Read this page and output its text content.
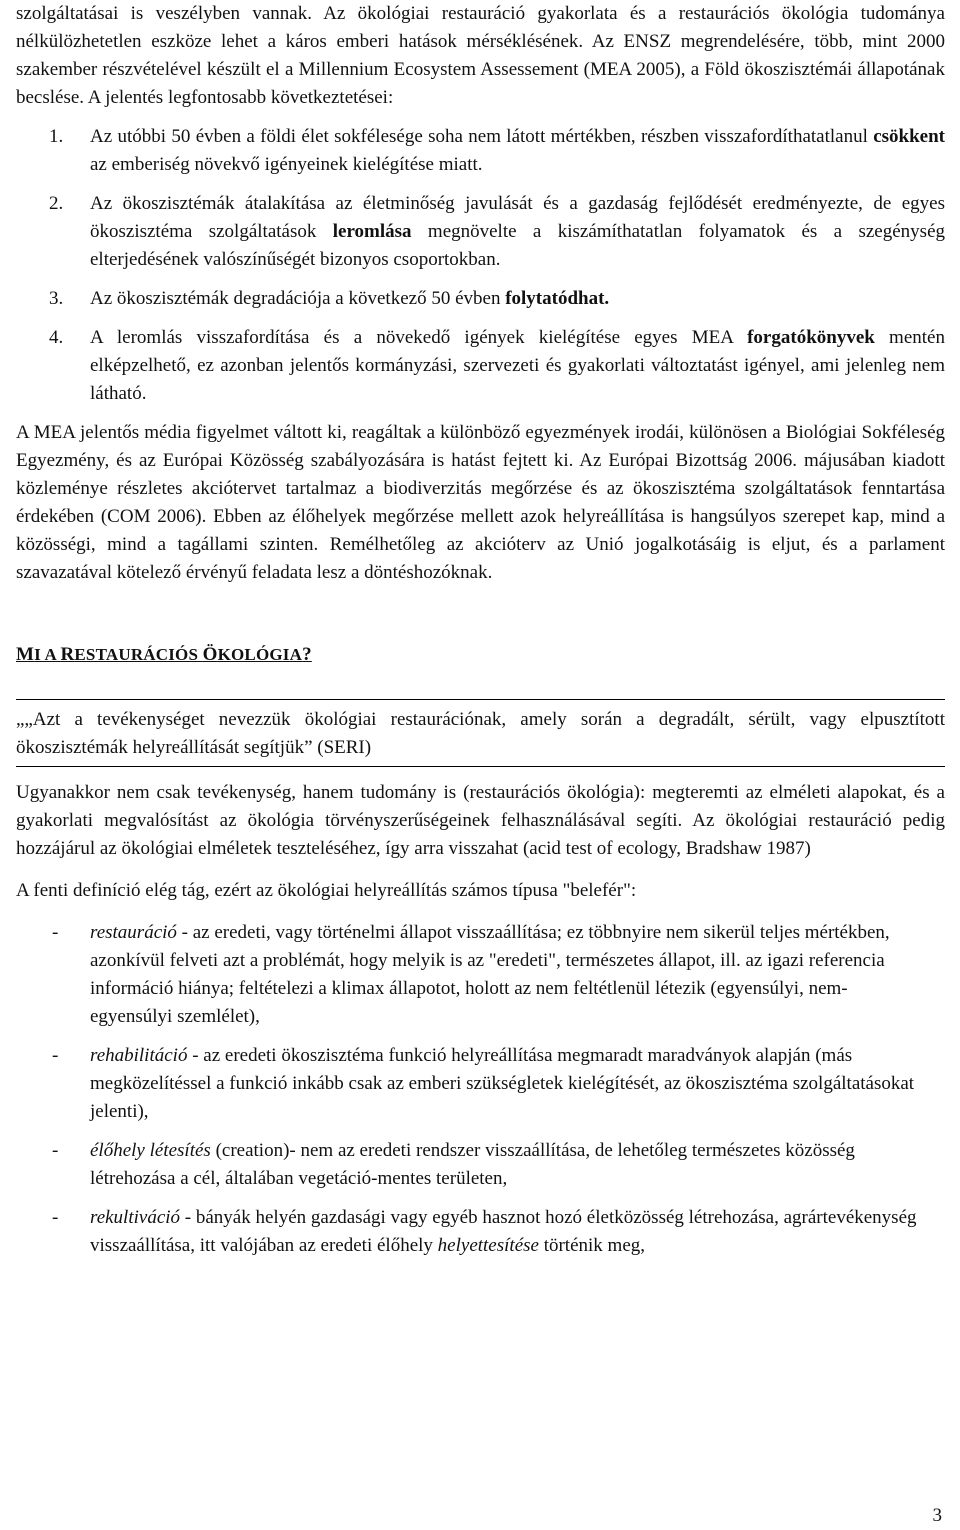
szolgáltatásai is veszélyben vannak. Az ökológiai restauráció gyakorlata és a restaurációs ökológia tudománya nélkülözhetetlen eszköze lehet a káros emberi hatások mérséklésének. Az ENSZ megrendelésére, több, mint 2000 szakember részvételével készült el a Millennium Ecosystem Assessement (MEA 2005), a Föld ökoszisztémái állapotának becslése. A jelentés legfontosabb következtetései:

1.	Az utóbbi 50 évben a földi élet sokfélesége soha nem látott mértékben, részben visszafordíthatatlanul csökkent az emberiség növekvő igényeinek kielégítése miatt.
2.	Az ökoszisztémák átalakítása az életminőség javulását és a gazdaság fejlődését eredményezte, de egyes ökoszisztéma szolgáltatások leromlása megnövelte a kiszámíthatatlan folyamatok és a szegénység elterjedésének valószínűségét bizonyos csoportokban.
3.	Az ökoszisztémák degradációja a következő 50 évben folytatódhat.
4.	A leromlás visszafordítása és a növekedő igények kielégítése egyes MEA forgatókönyvek mentén elképzelhető, ez azonban jelentős kormányzási, szervezeti és gyakorlati változtatást igényel, ami jelenleg nem látható.

A MEA jelentős média figyelmet váltott ki, reagáltak a különböző egyezmények irodái, különösen a Biológiai Sokféleség Egyezmény, és az Európai Közösség szabályozására is hatást fejtett ki. Az Európai Bizottság 2006. májusában kiadott közleménye részletes akciótervet tartalmaz a biodiverzitás megőrzése és az ökoszisztéma szolgáltatások fenntartása érdekében (COM 2006). Ebben az élőhelyek megőrzése mellett azok helyreállítása is hangsúlyos szerepet kap, mind a közösségi, mind a tagállami szinten. Remélhetőleg az akcióterv az Unió jogalkotásáig is eljut, és a parlament szavazatával kötelező érvényű feladata lesz a döntéshozóknak.

MI A RESTAURÁCIÓS ÖKOLÓGIA?
„„Azt a tevékenységet nevezzük ökológiai restaurációnak, amely során a degradált, sérült, vagy elpusztított ökoszisztémák helyreállítását segítjük” (SERI)

Ugyanakkor nem csak tevékenység, hanem tudomány is (restaurációs ökológia): megteremti az elméleti alapokat, és a gyakorlati megvalósítást az ökológia törvényszerűségeinek felhasználásával segíti. Az ökológiai restauráció pedig hozzájárul az ökológiai elméletek teszteléséhez, így arra visszahat (acid test of ecology, Bradshaw 1987)

A fenti definíció elég tág, ezért az ökológiai helyreállítás számos típusa "belefér":

-	restauráció - az eredeti, vagy történelmi állapot visszaállítása; ez többnyire nem sikerül teljes mértékben, azonkívül felveti azt a problémát, hogy melyik is az "eredeti", természetes állapot, ill. az igazi referencia információ hiánya; feltételezi a klimax állapotot, holott az nem feltétlenül létezik (egyensúlyi, nem-egyensúlyi szemlélet),
-	rehabilitáció - az eredeti ökoszisztéma funkció helyreállítása megmaradt maradványok alapján (más megközelítéssel a funkció inkább csak az emberi szükségletek kielégítését, az ökoszisztéma szolgáltatásokat jelenti),
-	élőhely létesítés (creation)- nem az eredeti rendszer visszaállítása, de lehetőleg természetes közösség létrehozása a cél, általában vegetáció-mentes területen,
-	rekultiváció - bányák helyén gazdasági vagy egyéb hasznot hozó életközösség létrehozása, agrártevékenység visszaállítása, itt valójában az eredeti élőhely helyettesítése történik meg,
3
